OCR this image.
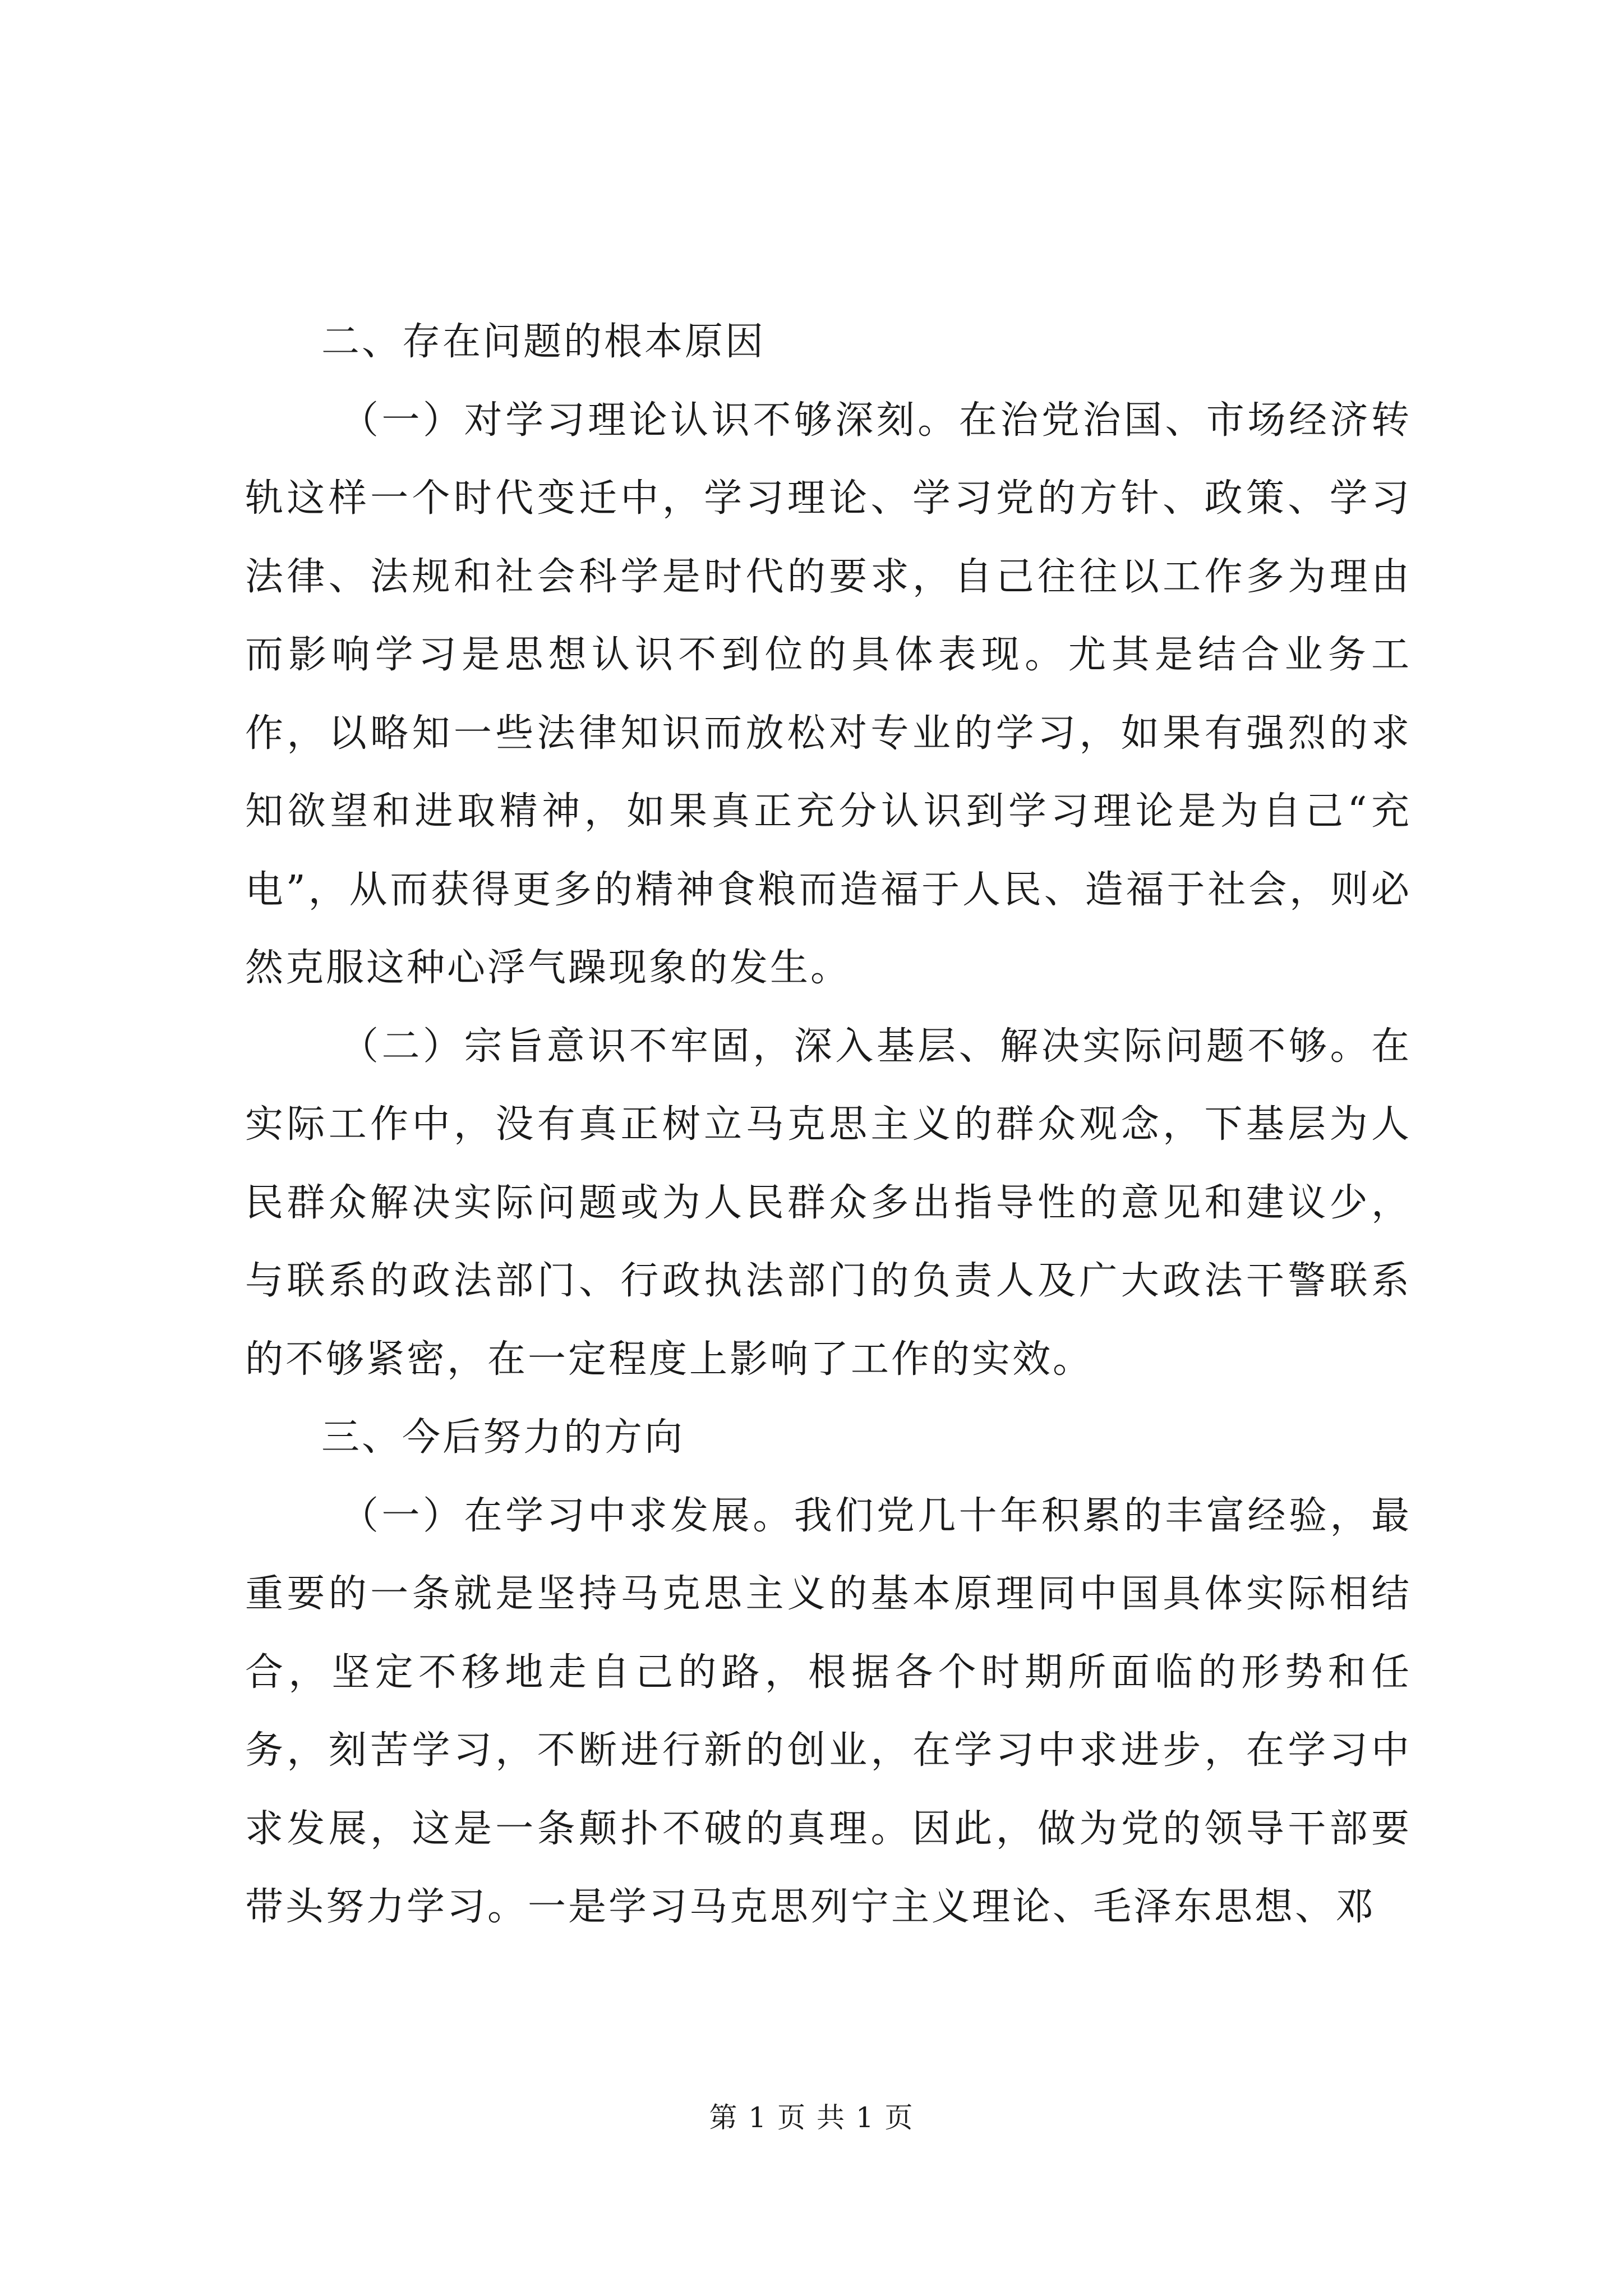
二、存在问题的根本原因

（一）对学习理论认识不够深刻。在治党治国、市场经济转轨这样一个时代变迁中，学习理论、学习党的方针、政策、学习法律、法规和社会科学是时代的要求，自己往往以工作多为理由而影响学习是思想认识不到位的具体表现。尤其是结合业务工作，以略知一些法律知识而放松对专业的学习，如果有强烈的求知欲望和进取精神，如果真正充分认识到学习理论是为自己“充电”，从而获得更多的精神食粮而造福于人民、造福于社会，则必然克服这种心浮气躁现象的发生。

（二）宗旨意识不牢固，深入基层、解决实际问题不够。在实际工作中，没有真正树立马克思主义的群众观念，下基层为人民群众解决实际问题或为人民群众多出指导性的意见和建议少，与联系的政法部门、行政执法部门的负责人及广大政法干警联系的不够紧密，在一定程度上影响了工作的实效。

三、今后努力的方向

（一）在学习中求发展。我们党几十年积累的丰富经验，最重要的一条就是坚持马克思主义的基本原理同中国具体实际相结合，坚定不移地走自己的路，根据各个时期所面临的形势和任务，刻苦学习，不断进行新的创业，在学习中求进步，在学习中求发展，这是一条颠扑不破的真理。因此，做为党的领导干部要带头努力学习。一是学习马克思列宁主义理论、毛泽东思想、邓

第 1 页 共 1 页
